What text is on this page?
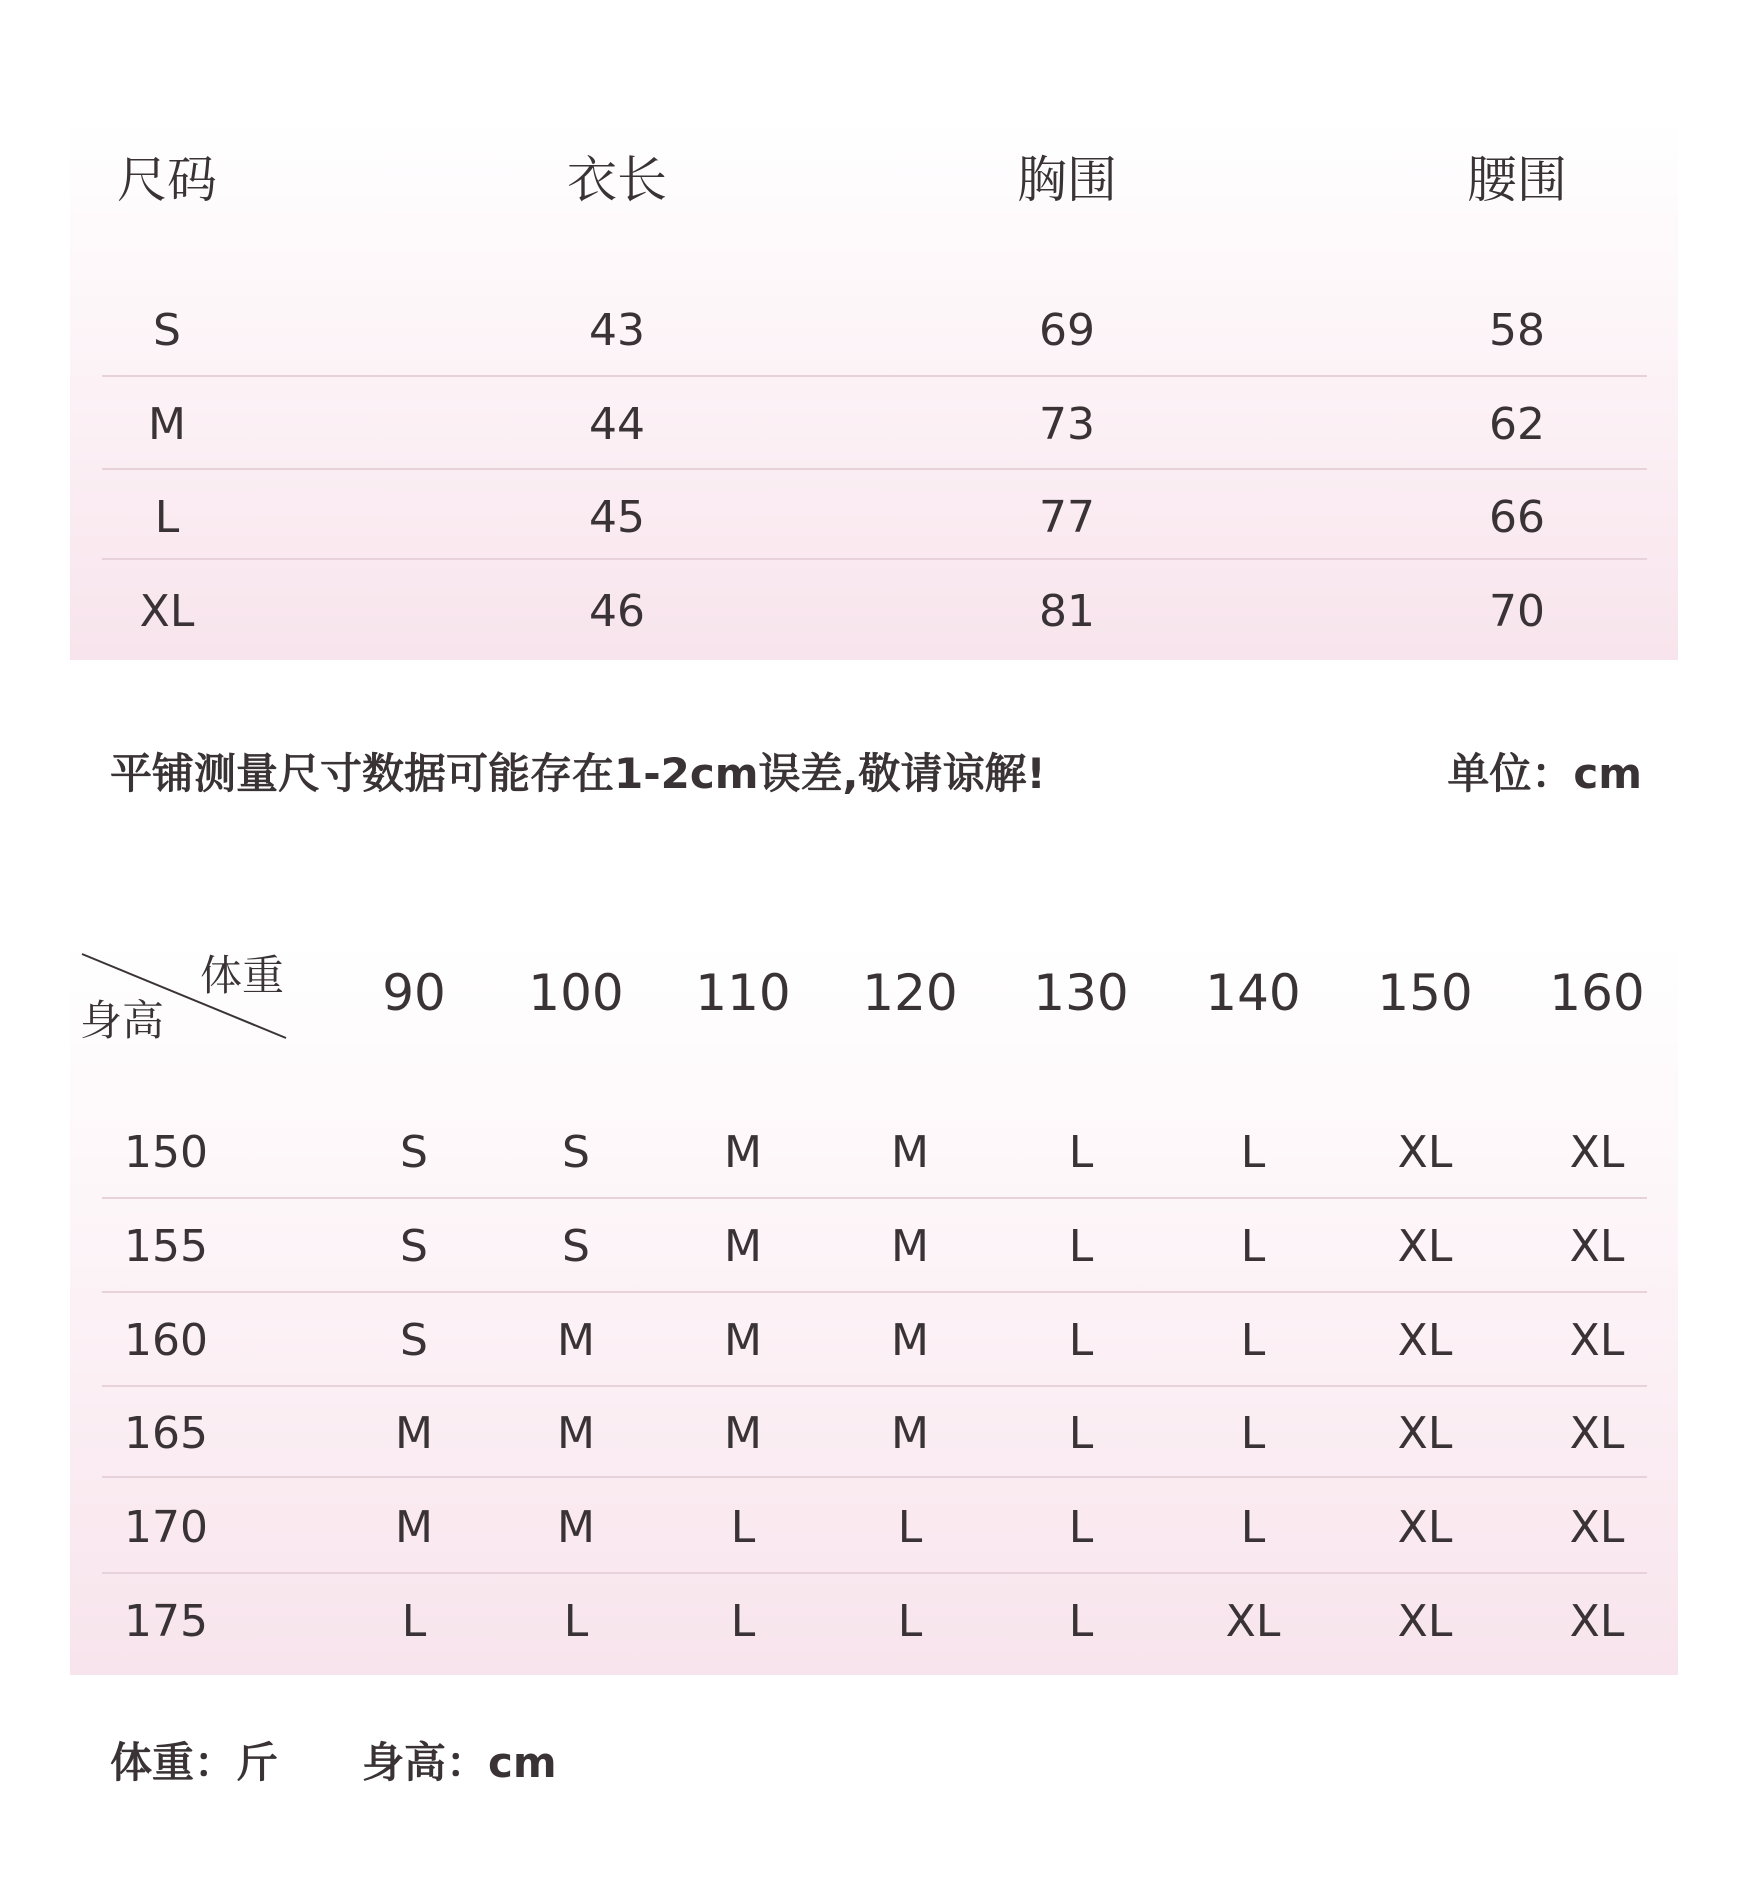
尺码	衣长	胸围	腰围
S	43	69	58
M	44	73	62
L	45	77	66
XL	46	81	70
平铺测量尺寸数据可能存在1-2cm误差,敬请谅解!	单位：cm
体重
身高	90 100 110 120 130 140 150 160
150	S	S	M	M	L	L	XL	XL
155	S	S	M	M	L	L	XL	XL
160	S	M	M	M	L	L	XL	XL
165	M	M	M	M	L	L	XL	XL
170	M	M	L	L	L	L	XL	XL
175	L	L	L	L	L	XL	XL	XL
体重：斤 身高：cm
